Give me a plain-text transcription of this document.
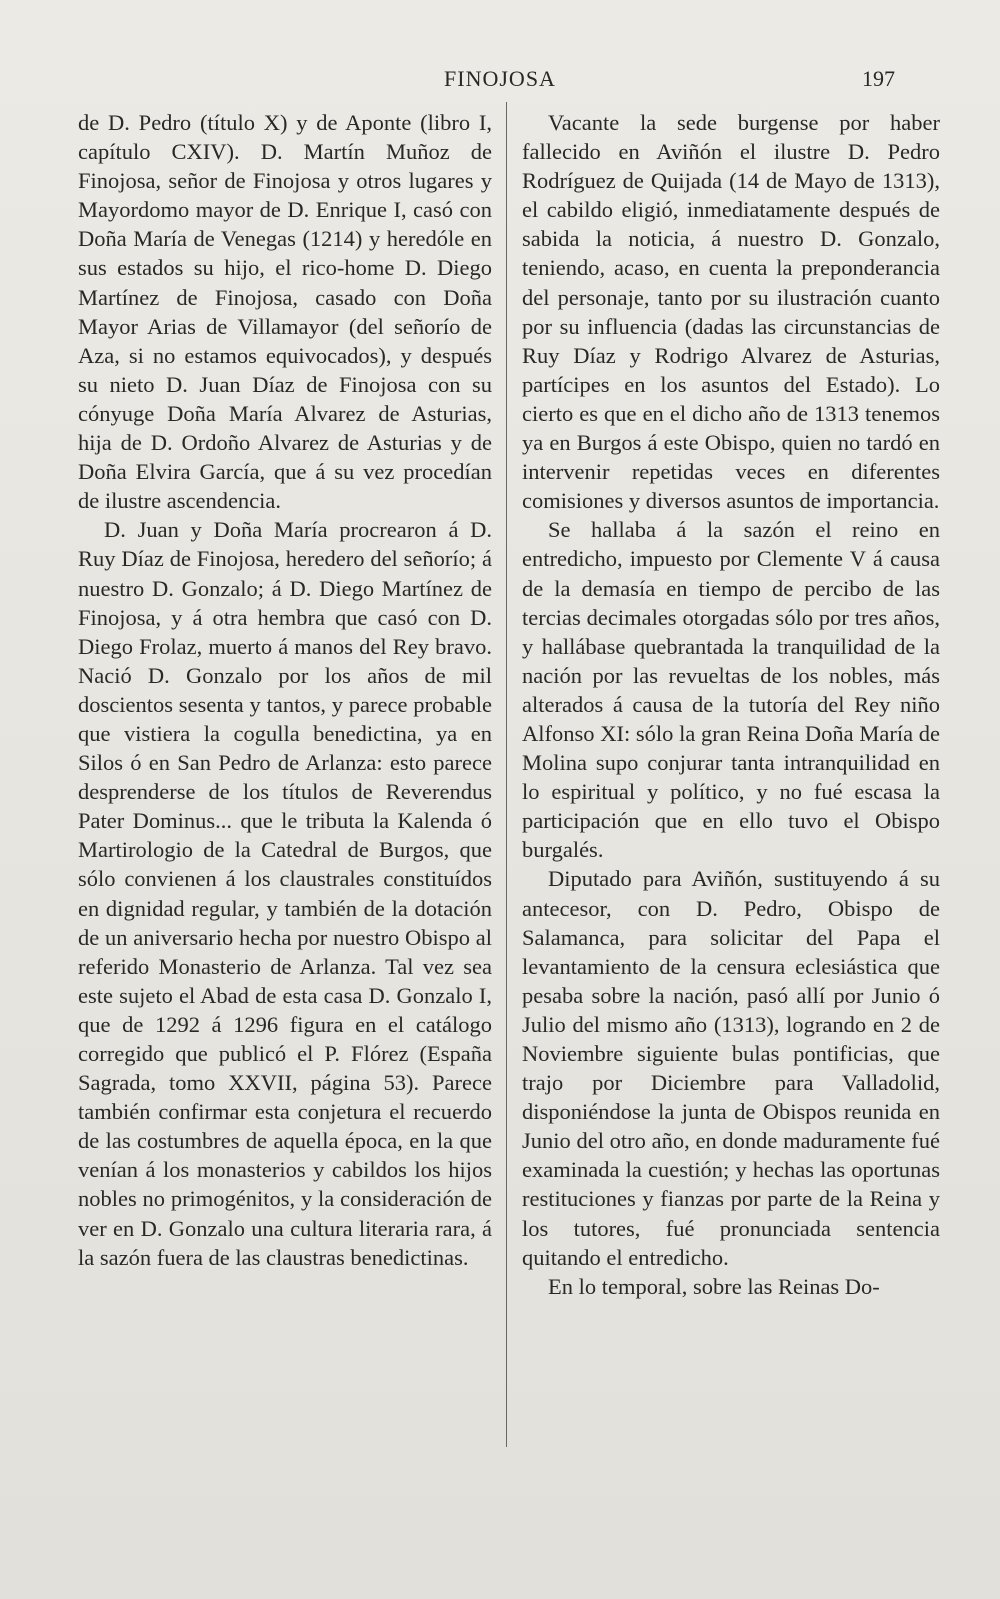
FINOJOSA	197

de D. Pedro (título X) y de Aponte (libro I, capítulo CXIV). D. Martín Muñoz de Finojosa, señor de Finojosa y otros lugares y Mayordomo mayor de D. Enrique I, casó con Doña María de Venegas (1214) y heredóle en sus estados su hijo, el rico-home D. Diego Martínez de Finojosa, casado con Doña Mayor Arias de Villamayor (del señorío de Aza, si no estamos equivocados), y después su nieto D. Juan Díaz de Finojosa con su cónyuge Doña María Alvarez de Asturias, hija de D. Ordoño Alvarez de Asturias y de Doña Elvira García, que á su vez procedían de ilustre ascendencia.

D. Juan y Doña María procrearon á D. Ruy Díaz de Finojosa, heredero del señorío; á nuestro D. Gonzalo; á D. Diego Martínez de Finojosa, y á otra hembra que casó con D. Diego Frolaz, muerto á manos del Rey bravo. Nació D. Gonzalo por los años de mil doscientos sesenta y tantos, y parece probable que vistiera la cogulla benedictina, ya en Silos ó en San Pedro de Arlanza: esto parece desprenderse de los títulos de Reverendus Pater Dominus... que le tributa la Kalenda ó Martirologio de la Catedral de Burgos, que sólo convienen á los claustrales constituídos en dignidad regular, y también de la dotación de un aniversario hecha por nuestro Obispo al referido Monasterio de Arlanza. Tal vez sea este sujeto el Abad de esta casa D. Gonzalo I, que de 1292 á 1296 figura en el catálogo corregido que publicó el P. Flórez (España Sagrada, tomo XXVII, página 53). Parece también confirmar esta conjetura el recuerdo de las costumbres de aquella época, en la que venían á los monasterios y cabildos los hijos nobles no primogénitos, y la consideración de ver en D. Gonzalo una cultura literaria rara, á la sazón fuera de las claustras benedictinas.

Vacante la sede burgense por haber fallecido en Aviñón el ilustre D. Pedro Rodríguez de Quijada (14 de Mayo de 1313), el cabildo eligió, inmediatamente después de sabida la noticia, á nuestro D. Gonzalo, teniendo, acaso, en cuenta la preponderancia del personaje, tanto por su ilustración cuanto por su influencia (dadas las circunstancias de Ruy Díaz y Rodrigo Alvarez de Asturias, partícipes en los asuntos del Estado). Lo cierto es que en el dicho año de 1313 tenemos ya en Burgos á este Obispo, quien no tardó en intervenir repetidas veces en diferentes comisiones y diversos asuntos de importancia.

Se hallaba á la sazón el reino en entredicho, impuesto por Clemente V á causa de la demasía en tiempo de percibo de las tercias decimales otorgadas sólo por tres años, y hallábase quebrantada la tranquilidad de la nación por las revueltas de los nobles, más alterados á causa de la tutoría del Rey niño Alfonso XI: sólo la gran Reina Doña María de Molina supo conjurar tanta intranquilidad en lo espiritual y político, y no fué escasa la participación que en ello tuvo el Obispo burgalés.

Diputado para Aviñón, sustituyendo á su antecesor, con D. Pedro, Obispo de Salamanca, para solicitar del Papa el levantamiento de la censura eclesiástica que pesaba sobre la nación, pasó allí por Junio ó Julio del mismo año (1313), logrando en 2 de Noviembre siguiente bulas pontificias, que trajo por Diciembre para Valladolid, disponiéndose la junta de Obispos reunida en Junio del otro año, en donde maduramente fué examinada la cuestión; y hechas las oportunas restituciones y fianzas por parte de la Reina y los tutores, fué pronunciada sentencia quitando el entredicho.

En lo temporal, sobre las Reinas Do-
